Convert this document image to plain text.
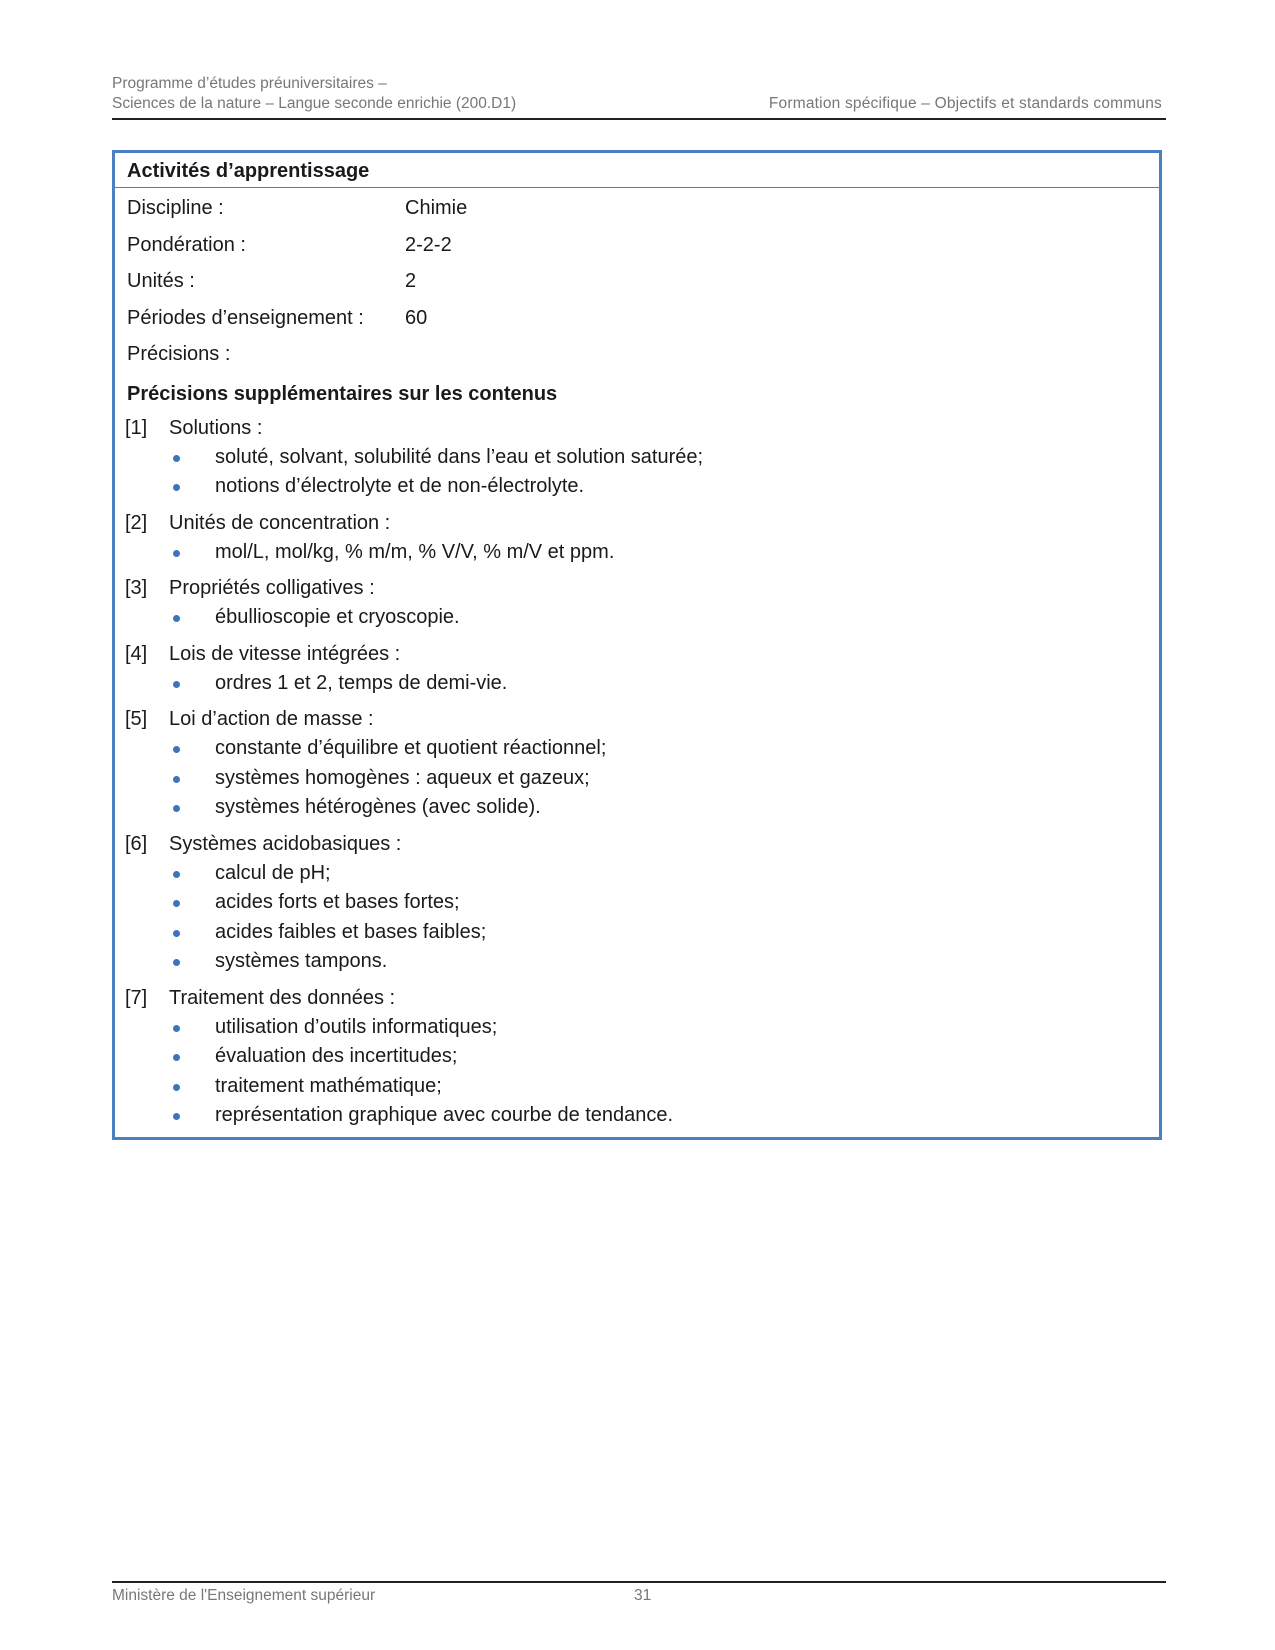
Programme d’études préuniversitaires –
Sciences de la nature – Langue seconde enrichie (200.D1)	Formation spécifique – Objectifs et standards communs
Activités d’apprentissage
Discipline :	Chimie
Pondération :	2-2-2
Unités :	2
Périodes d’enseignement : 60
Précisions :
Précisions supplémentaires sur les contenus
[1] Solutions :
soluté, solvant, solubilité dans l’eau et solution saturée;
notions d’électrolyte et de non-électrolyte.
[2] Unités de concentration :
mol/L, mol/kg, % m/m, % V/V, % m/V et ppm.
[3] Propriétés colligatives :
ébullioscopie et cryoscopie.
[4] Lois de vitesse intégrées :
ordres 1 et 2, temps de demi-vie.
[5] Loi d’action de masse :
constante d’équilibre et quotient réactionnel;
systèmes homogènes : aqueux et gazeux;
systèmes hétérogènes (avec solide).
[6] Systèmes acidobasiques :
calcul de pH;
acides forts et bases fortes;
acides faibles et bases faibles;
systèmes tampons.
[7] Traitement des données :
utilisation d’outils informatiques;
évaluation des incertitudes;
traitement mathématique;
représentation graphique avec courbe de tendance.
Ministère de l'Enseignement supérieur	31
